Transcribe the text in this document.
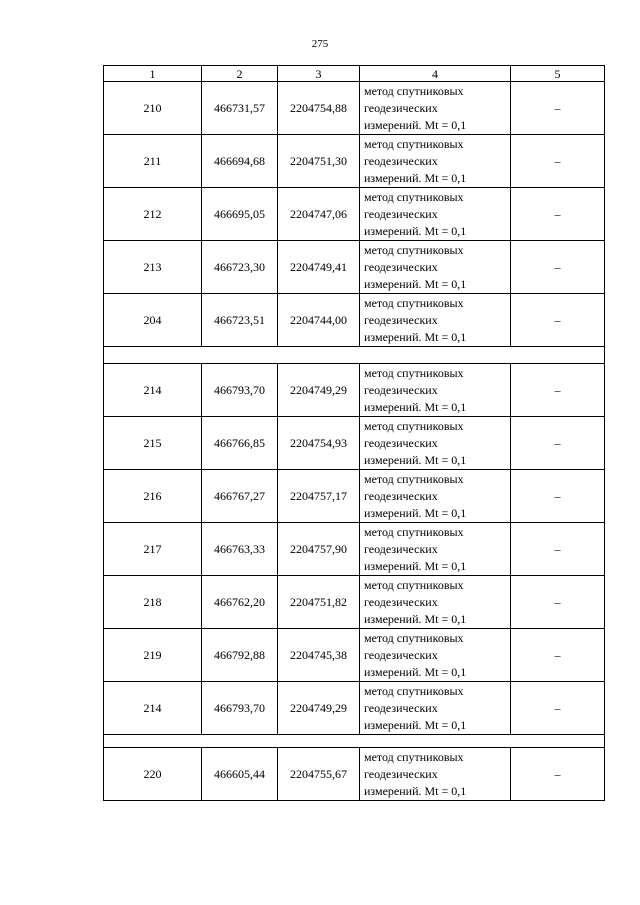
275
1	2	3	4	5
210	466731,57	2204754,88	метод спутниковых
геодезических
измерений. Mt = 0,1	–
211	466694,68	2204751,30	метод спутниковых
геодезических
измерений. Mt = 0,1	–
212	466695,05	2204747,06	метод спутниковых
геодезических
измерений. Mt = 0,1	–
213	466723,30	2204749,41	метод спутниковых
геодезических
измерений. Mt = 0,1	–
204	466723,51	2204744,00	метод спутниковых
геодезических
измерений. Mt = 0,1	–

214	466793,70	2204749,29	метод спутниковых
геодезических
измерений. Mt = 0,1	–
215	466766,85	2204754,93	метод спутниковых
геодезических
измерений. Mt = 0,1	–
216	466767,27	2204757,17	метод спутниковых
геодезических
измерений. Mt = 0,1	–
217	466763,33	2204757,90	метод спутниковых
геодезических
измерений. Mt = 0,1	–
218	466762,20	2204751,82	метод спутниковых
геодезических
измерений. Mt = 0,1	–
219	466792,88	2204745,38	метод спутниковых
геодезических
измерений. Mt = 0,1	–
214	466793,70	2204749,29	метод спутниковых
геодезических
измерений. Mt = 0,1	–

220	466605,44	2204755,67	метод спутниковых
геодезических
измерений. Mt = 0,1	–
